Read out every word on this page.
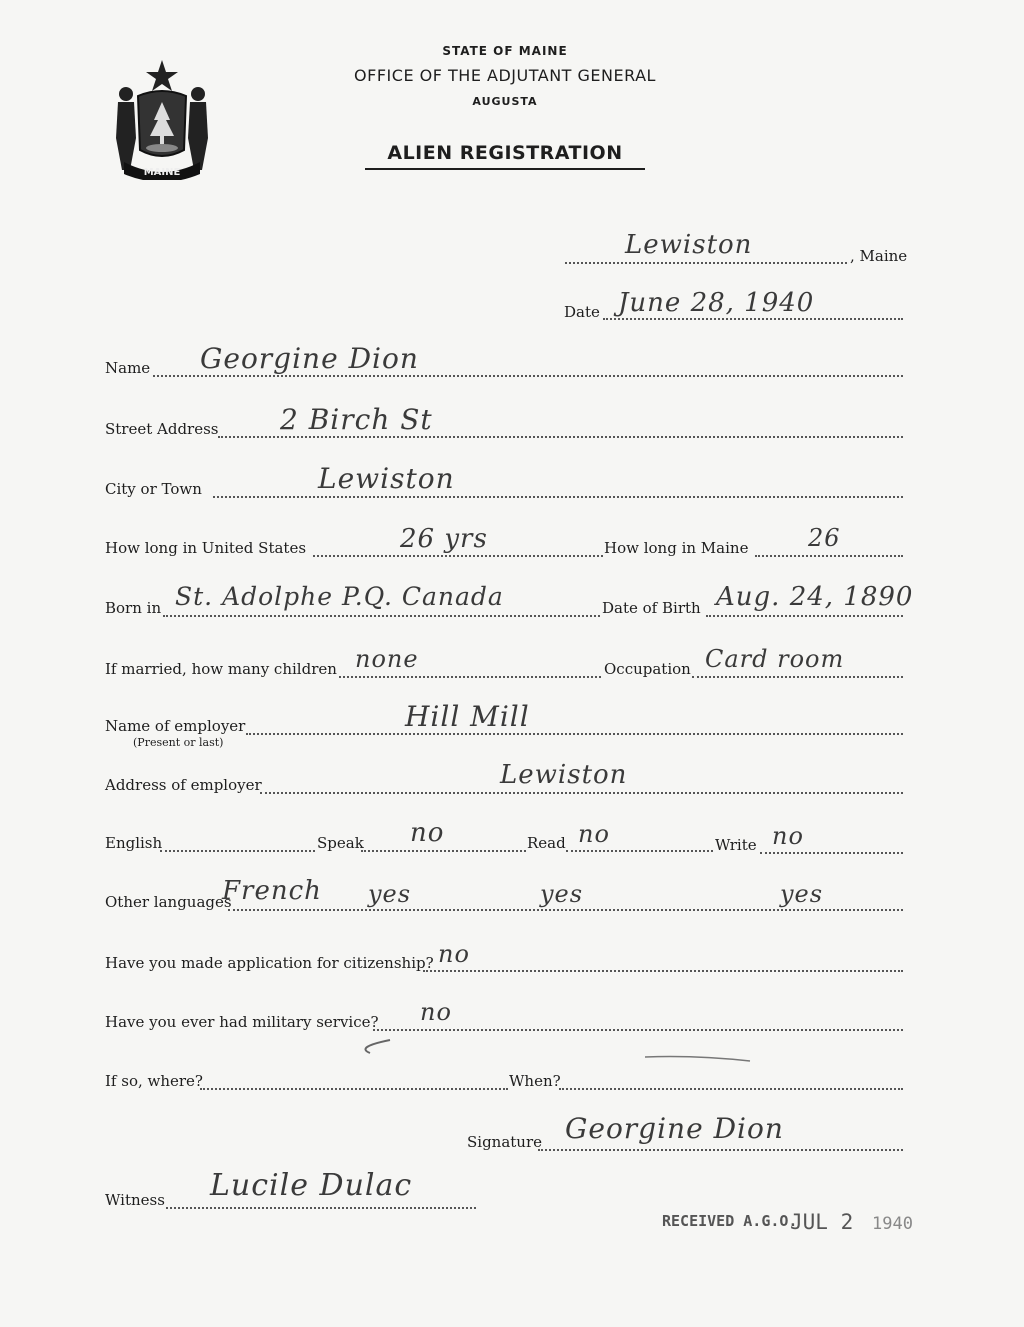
MAINE
STATE OF MAINE
OFFICE OF THE ADJUTANT GENERAL
AUGUSTA
ALIEN REGISTRATION
Lewiston	, Maine
Date June 28, 1940
Name Georgine Dion
Street Address 2 Birch St
City or Town	Lewiston
How long in United States	26 yrs	How long in Maine 26
Born in St. Adolphe P.Q. Canada	Date of Birth Aug. 24, 1890
If married, how many children none	Occupation Card room
Name of employer
(Present or last)
Hill Mill
Address of employer	Lewiston
English	Speak no	Read no	Write no
Other languages
French yes	yes	yes
Have you made application for citizenship? no
Have you ever had military service? no
If so, where?	When?
Signature Georgine Dion
Witness Lucile Dulac
RECEIVED A.G.O.
JUL 2 1940
